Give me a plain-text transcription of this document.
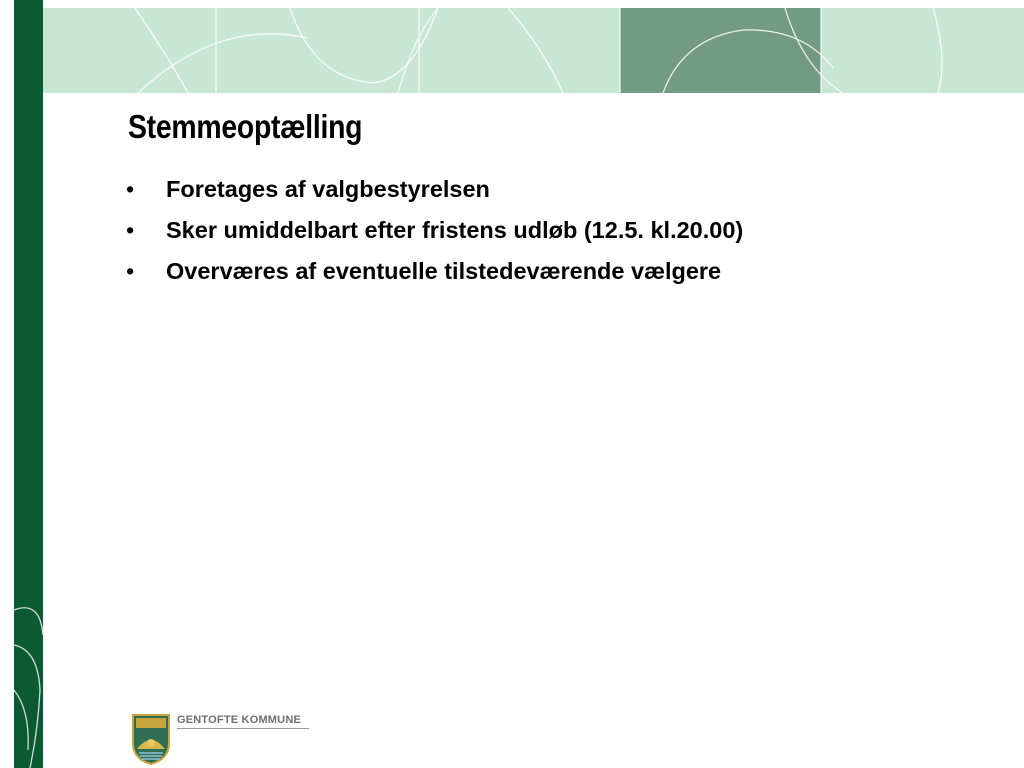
Stemmeoptælling
• Foretages af valgbestyrelsen
• Sker umiddelbart efter fristens udløb (12.5. kl.20.00)
• Overværes af eventuelle tilstedeværende vælgere
GENTOFTE KOMMUNE
